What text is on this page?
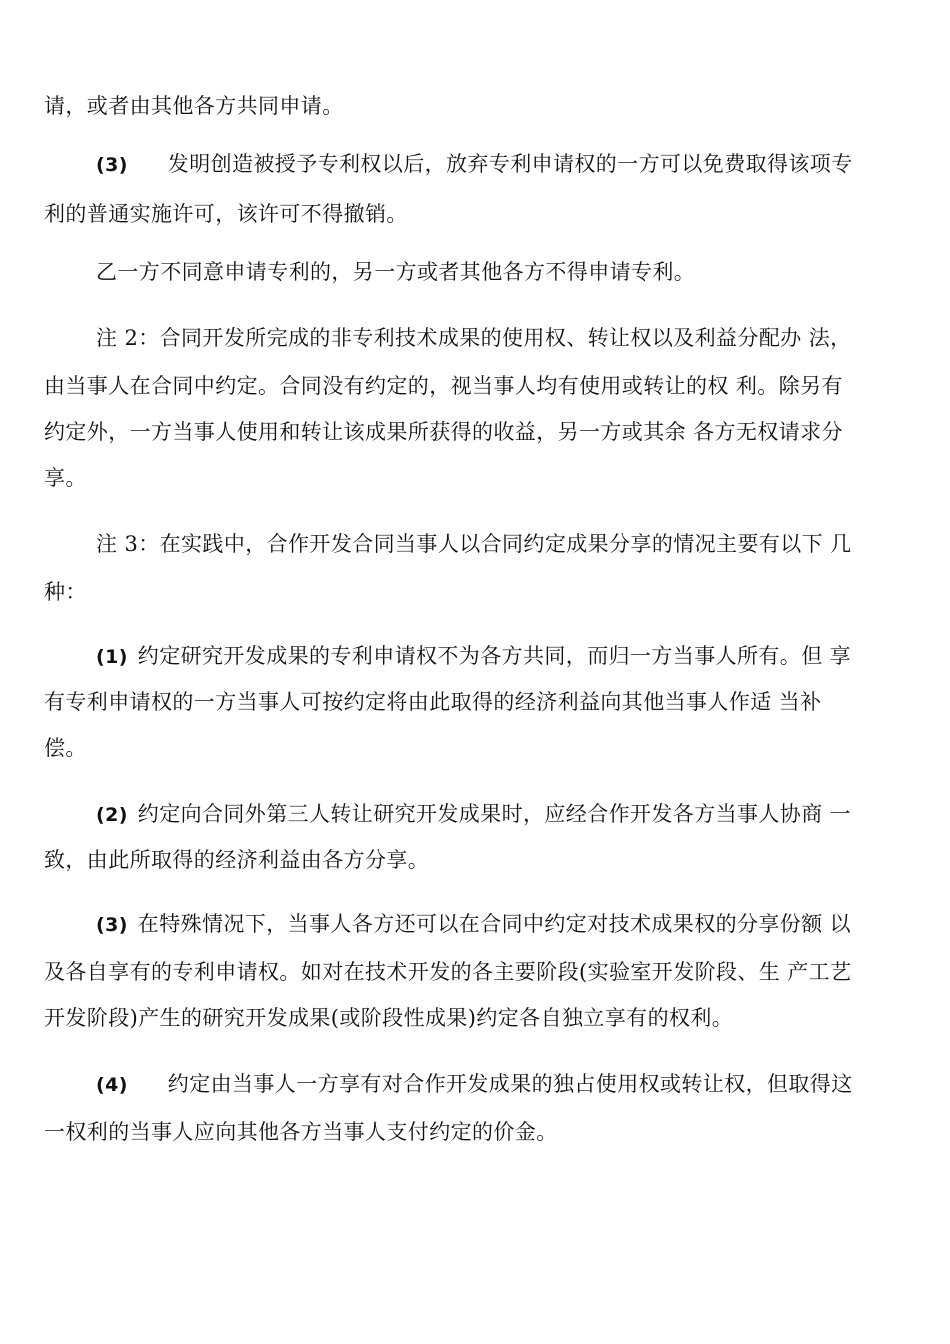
请，或者由其他各方共同申请。
(3) 发明创造被授予专利权以后，放弃专利申请权的一方可以免费取得该项专
利的普通实施许可，该许可不得撤销。
乙一方不同意申请专利的，另一方或者其他各方不得申请专利。
注 2：合同开发所完成的非专利技术成果的使用权、转让权以及利益分配办 法，
由当事人在合同中约定。合同没有约定的，视当事人均有使用或转让的权 利。除另有
约定外，一方当事人使用和转让该成果所获得的收益，另一方或其余 各方无权请求分
享。
注 3：在实践中，合作开发合同当事人以合同约定成果分享的情况主要有以下 几
种：
(1) 约定研究开发成果的专利申请权不为各方共同，而归一方当事人所有。但 享
有专利申请权的一方当事人可按约定将由此取得的经济利益向其他当事人作适 当补
偿。
(2) 约定向合同外第三人转让研究开发成果时，应经合作开发各方当事人协商 一
致，由此所取得的经济利益由各方分享。
(3) 在特殊情况下，当事人各方还可以在合同中约定对技术成果权的分享份额 以
及各自享有的专利申请权。如对在技术开发的各主要阶段(实验室开发阶段、生 产工艺
开发阶段)产生的研究开发成果(或阶段性成果)约定各自独立享有的权利。
(4) 约定由当事人一方享有对合作开发成果的独占使用权或转让权，但取得这
一权利的当事人应向其他各方当事人支付约定的价金。
